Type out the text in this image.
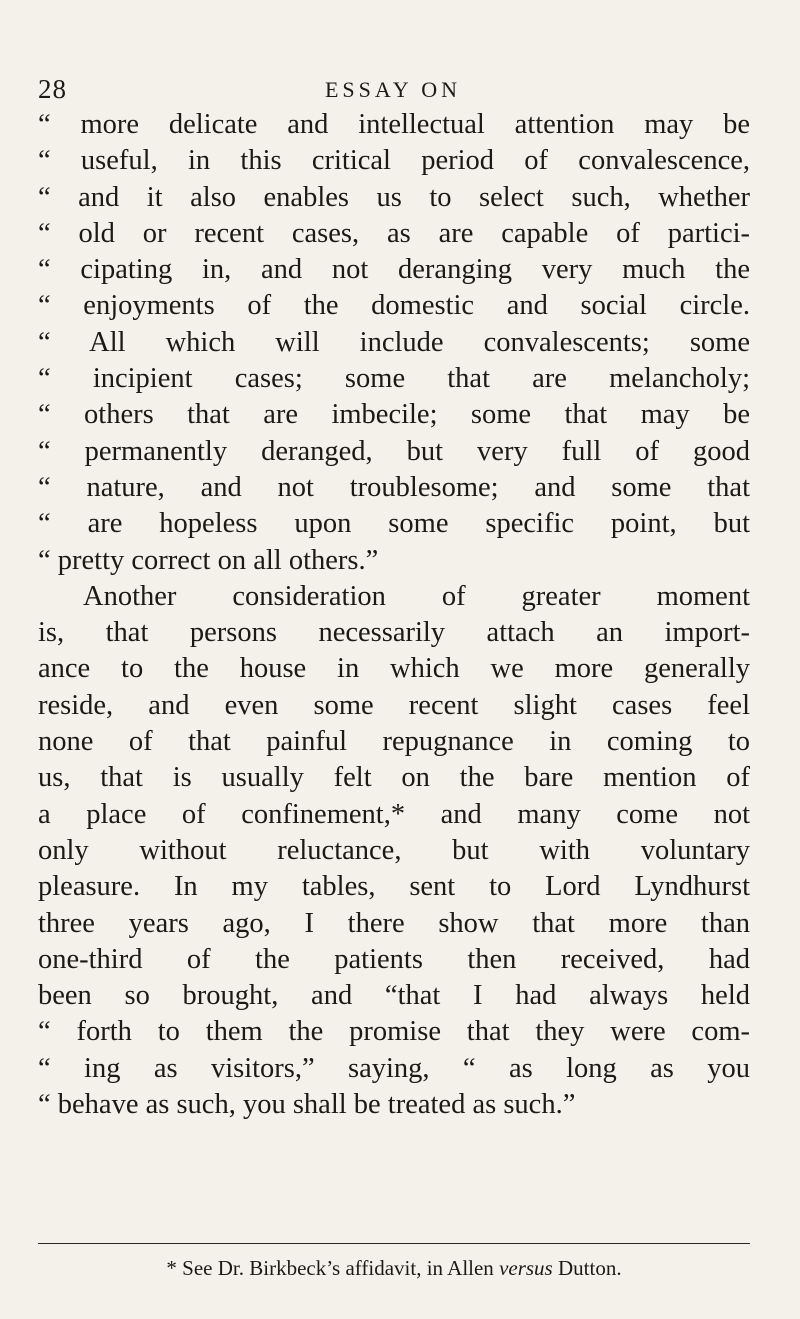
28	ESSAY ON
“ more delicate and intellectual attention may be
“ useful, in this critical period of convalescence,
“ and it also enables us to select such, whether
“ old or recent cases, as are capable of partici-
“ cipating in, and not deranging very much the
“ enjoyments of the domestic and social circle.
“ All which will include convalescents; some
“ incipient cases; some that are melancholy;
“ others that are imbecile; some that may be
“ permanently deranged, but very full of good
“ nature, and not troublesome; and some that
“ are hopeless upon some specific point, but
“ pretty correct on all others.”
Another consideration of greater moment
is, that persons necessarily attach an import-
ance to the house in which we more generally
reside, and even some recent slight cases feel
none of that painful repugnance in coming to
us, that is usually felt on the bare mention of
a place of confinement,* and many come not
only without reluctance, but with voluntary
pleasure. In my tables, sent to Lord Lyndhurst
three years ago, I there show that more than
one-third of the patients then received, had
been so brought, and “that I had always held
“ forth to them the promise that they were com-
“ ing as visitors,” saying, “ as long as you
“ behave as such, you shall be treated as such.”
* See Dr. Birkbeck’s affidavit, in Allen versus Dutton.
